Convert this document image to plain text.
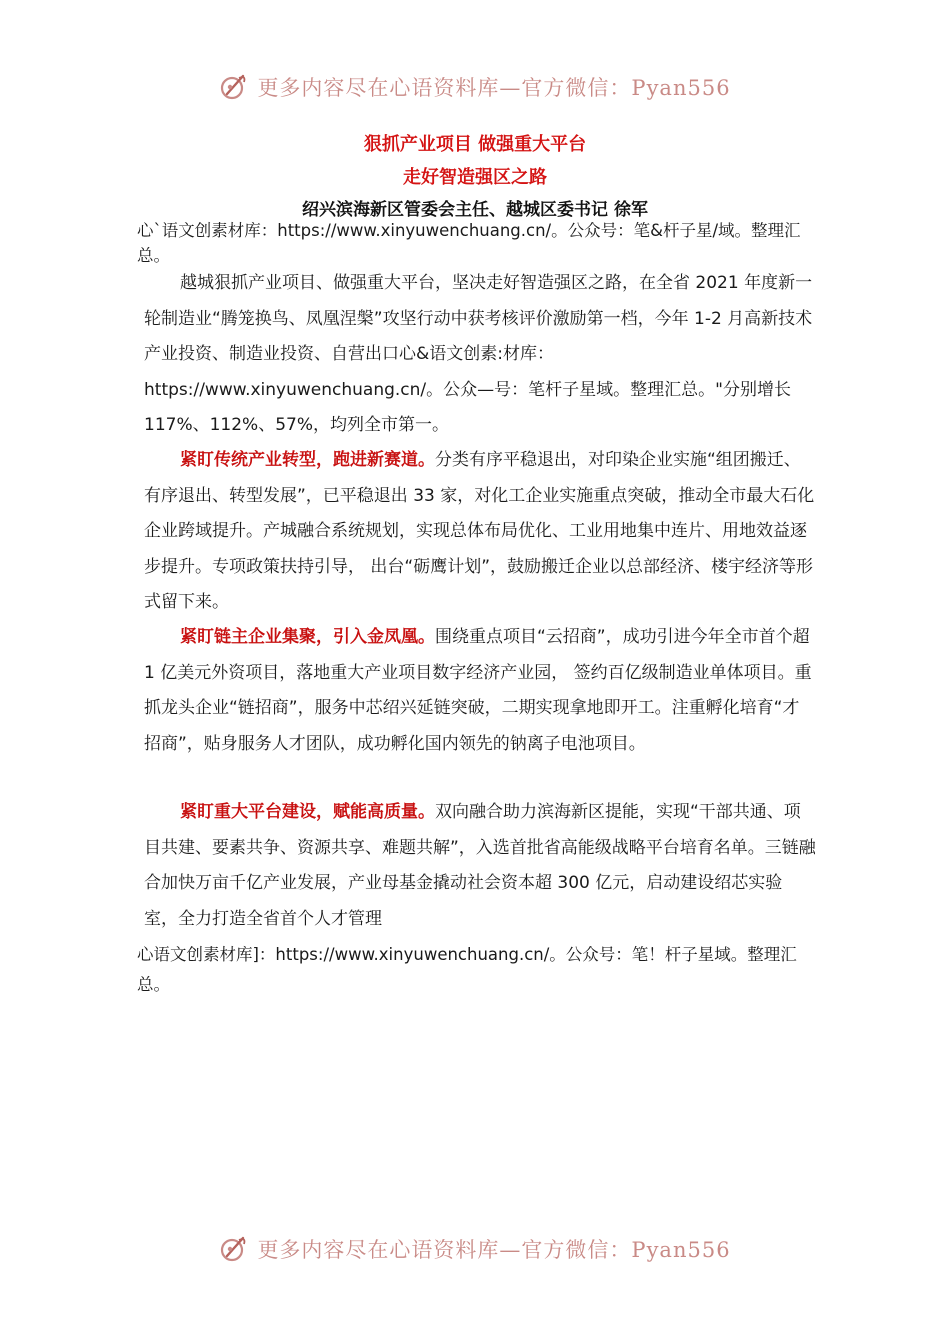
更多内容尽在心语资料库—官方微信：Pyan556
狠抓产业项目 做强重大平台
走好智造强区之路
绍兴滨海新区管委会主任、越城区委书记 徐军
心`语文创素材库：https://www.xinyuwenchuang.cn/。公众号：笔&杆子星/域。整理汇总。
越城狠抓产业项目、做强重大平台，坚决走好智造强区之路，在全省 2021 年度新一轮制造业“腾笼换鸟、凤凰涅槃”攻坚行动中获考核评价激励第一档，今年 1-2 月高新技术产业投资、制造业投资、自营出口心&语文创素:材库：https://www.xinyuwenchuang.cn/。公众—号：笔杆子星域。整理汇总。"分别增长 117%、112%、57%，均列全市第一。
紧盯传统产业转型，跑进新赛道。分类有序平稳退出，对印染企业实施“组团搬迁、有序退出、转型发展”，已平稳退出 33 家，对化工企业实施重点突破，推动全市最大石化企业跨域提升。产城融合系统规划，实现总体布局优化、工业用地集中连片、用地效益逐步提升。专项政策扶持引导， 出台“砺鹰计划”，鼓励搬迁企业以总部经济、楼宇经济等形式留下来。
紧盯链主企业集聚，引入金凤凰。围绕重点项目“云招商”，成功引进今年全市首个超 1 亿美元外资项目，落地重大产业项目数字经济产业园， 签约百亿级制造业单体项目。重抓龙头企业“链招商”，服务中芯绍兴延链突破，二期实现拿地即开工。注重孵化培育“才招商”，贴身服务人才团队，成功孵化国内领先的钠离子电池项目。
紧盯重大平台建设，赋能高质量。双向融合助力滨海新区提能，实现“干部共通、项目共建、要素共争、资源共享、难题共解”，入选首批省高能级战略平台培育名单。三链融合加快万亩千亿产业发展，产业母基金撬动社会资本超 300 亿元，启动建设绍芯实验室，全力打造全省首个人才管理
心语文创素材库]：https://www.xinyuwenchuang.cn/。公众号：笔！杆子星域。整理汇总。
更多内容尽在心语资料库—官方微信：Pyan556
